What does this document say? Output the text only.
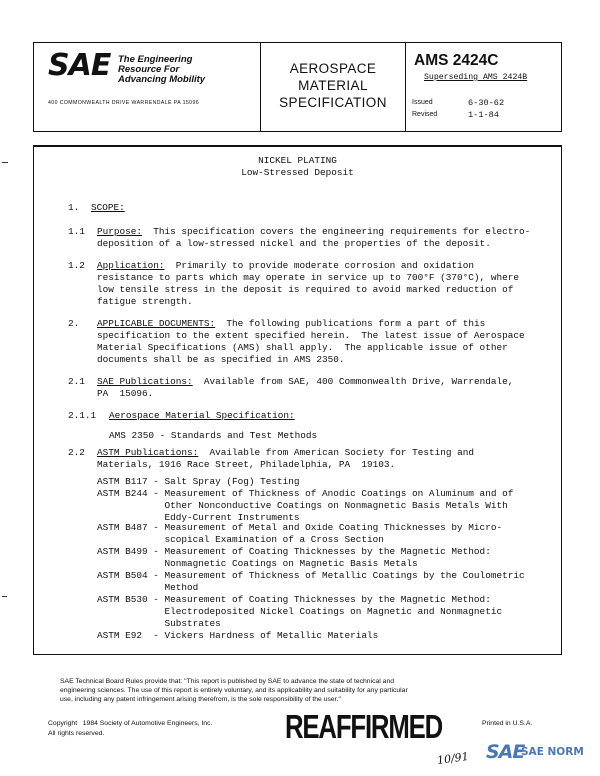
SAE The Engineering
Resource For
Advancing Mobility
400 COMMONWEALTH DRIVE WARRENDALE PA 15096
AEROSPACE
MATERIAL
SPECIFICATION
AMS 2424C
Superseding AMS 2424B
Issued	6-30-62
Revised	1-1-84
NICKEL PLATING
Low-Stressed Deposit
1. SCOPE:
1.1 Purpose: This specification covers the engineering requirements for electro-
deposition of a low-stressed nickel and the properties of the deposit.
1.2 Application: Primarily to provide moderate corrosion and oxidation
resistance to parts which may operate in service up to 700°F (370°C), where
low tensile stress in the deposit is required to avoid marked reduction of
fatigue strength.
2. APPLICABLE DOCUMENTS: The following publications form a part of this
specification to the extent specified herein.  The latest issue of Aerospace
Material Specifications (AMS) shall apply.  The applicable issue of other
documents shall be as specified in AMS 2350.
2.1 SAE Publications: Available from SAE, 400 Commonwealth Drive, Warrendale,
PA  15096.
2.1.1 Aerospace Material Specification:
AMS 2350 - Standards and Test Methods
2.2 ASTM Publications: Available from American Society for Testing and
Materials, 1916 Race Street, Philadelphia, PA  19103.
ASTM B117 - Salt Spray (Fog) Testing
ASTM B244 - Measurement of Thickness of Anodic Coatings on Aluminum and of
Other Nonconductive Coatings on Nonmagnetic Basis Metals With
Eddy-Current Instruments
ASTM B487 - Measurement of Metal and Oxide Coating Thicknesses by Micro-
scopical Examination of a Cross Section
ASTM B499 - Measurement of Coating Thicknesses by the Magnetic Method:
Nonmagnetic Coatings on Magnetic Basis Metals
ASTM B504 - Measurement of Thickness of Metallic Coatings by the Coulometric
Method
ASTM B530 - Measurement of Coating Thicknesses by the Magnetic Method:
Electrodeposited Nickel Coatings on Magnetic and Nonmagnetic
Substrates
ASTM E92  - Vickers Hardness of Metallic Materials
SAE Technical Board Rules provide that: "This report is published by SAE to advance the state of technical and
engineering sciences. The use of this report is entirely voluntary, and its applicability and suitability for any particular
use, including any patent infringement arising therefrom, is the sole responsibility of the user."
Copyright   1984 Society of Automotive Engineers, Inc.
All rights reserved.
Printed in U.S.A.
REAFFIRMED
10/91 SAE
SAE NORM
